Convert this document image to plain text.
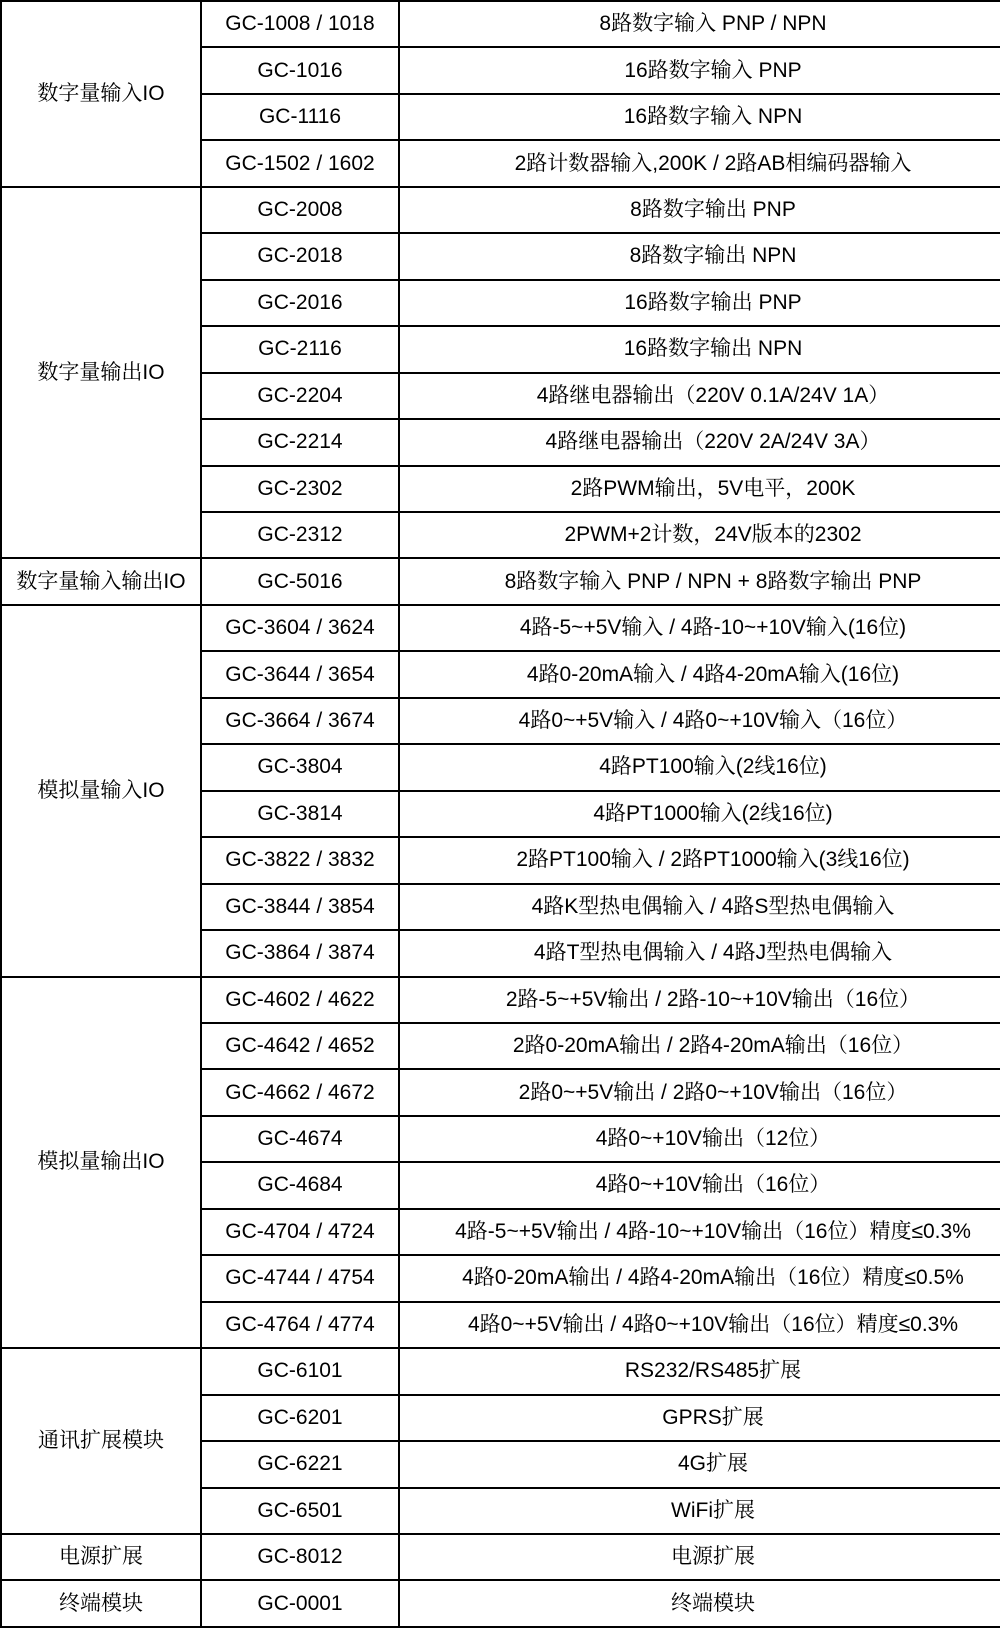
数字量输入IO	GC-1008 / 1018	8路数字输入 PNP / NPN
	GC-1016	16路数字输入 PNP
	GC-1116	16路数字输入 NPN
	GC-1502 / 1602	2路计数器输入,200K / 2路AB相编码器输入
数字量输出IO	GC-2008	8路数字输出 PNP
	GC-2018	8路数字输出 NPN
	GC-2016	16路数字输出 PNP
	GC-2116	16路数字输出 NPN
	GC-2204	4路继电器输出（220V 0.1A/24V 1A）
	GC-2214	4路继电器输出（220V 2A/24V 3A）
	GC-2302	2路PWM输出，5V电平，200K
	GC-2312	2PWM+2计数，24V版本的2302
数字量输入输出IO	GC-5016	8路数字输入 PNP / NPN + 8路数字输出 PNP
模拟量输入IO	GC-3604 / 3624	4路-5~+5V输入 / 4路-10~+10V输入(16位)
	GC-3644 / 3654	4路0-20mA输入 / 4路4-20mA输入(16位)
	GC-3664 / 3674	4路0~+5V输入 / 4路0~+10V输入（16位）
	GC-3804	4路PT100输入(2线16位)
	GC-3814	4路PT1000输入(2线16位)
	GC-3822 / 3832	2路PT100输入 / 2路PT1000输入(3线16位)
	GC-3844 / 3854	4路K型热电偶输入 / 4路S型热电偶输入
	GC-3864 / 3874	4路T型热电偶输入 / 4路J型热电偶输入
模拟量输出IO	GC-4602 / 4622	2路-5~+5V输出 / 2路-10~+10V输出（16位）
	GC-4642 / 4652	2路0-20mA输出 / 2路4-20mA输出（16位）
	GC-4662 / 4672	2路0~+5V输出 / 2路0~+10V输出（16位）
	GC-4674	4路0~+10V输出（12位）
	GC-4684	4路0~+10V输出（16位）
	GC-4704 / 4724	4路-5~+5V输出 / 4路-10~+10V输出（16位）精度≤0.3%
	GC-4744 / 4754	4路0-20mA输出 / 4路4-20mA输出（16位）精度≤0.5%
	GC-4764 / 4774	4路0~+5V输出 / 4路0~+10V输出（16位）精度≤0.3%
通讯扩展模块	GC-6101	RS232/RS485扩展
	GC-6201	GPRS扩展
	GC-6221	4G扩展
	GC-6501	WiFi扩展
电源扩展	GC-8012	电源扩展
终端模块	GC-0001	终端模块
